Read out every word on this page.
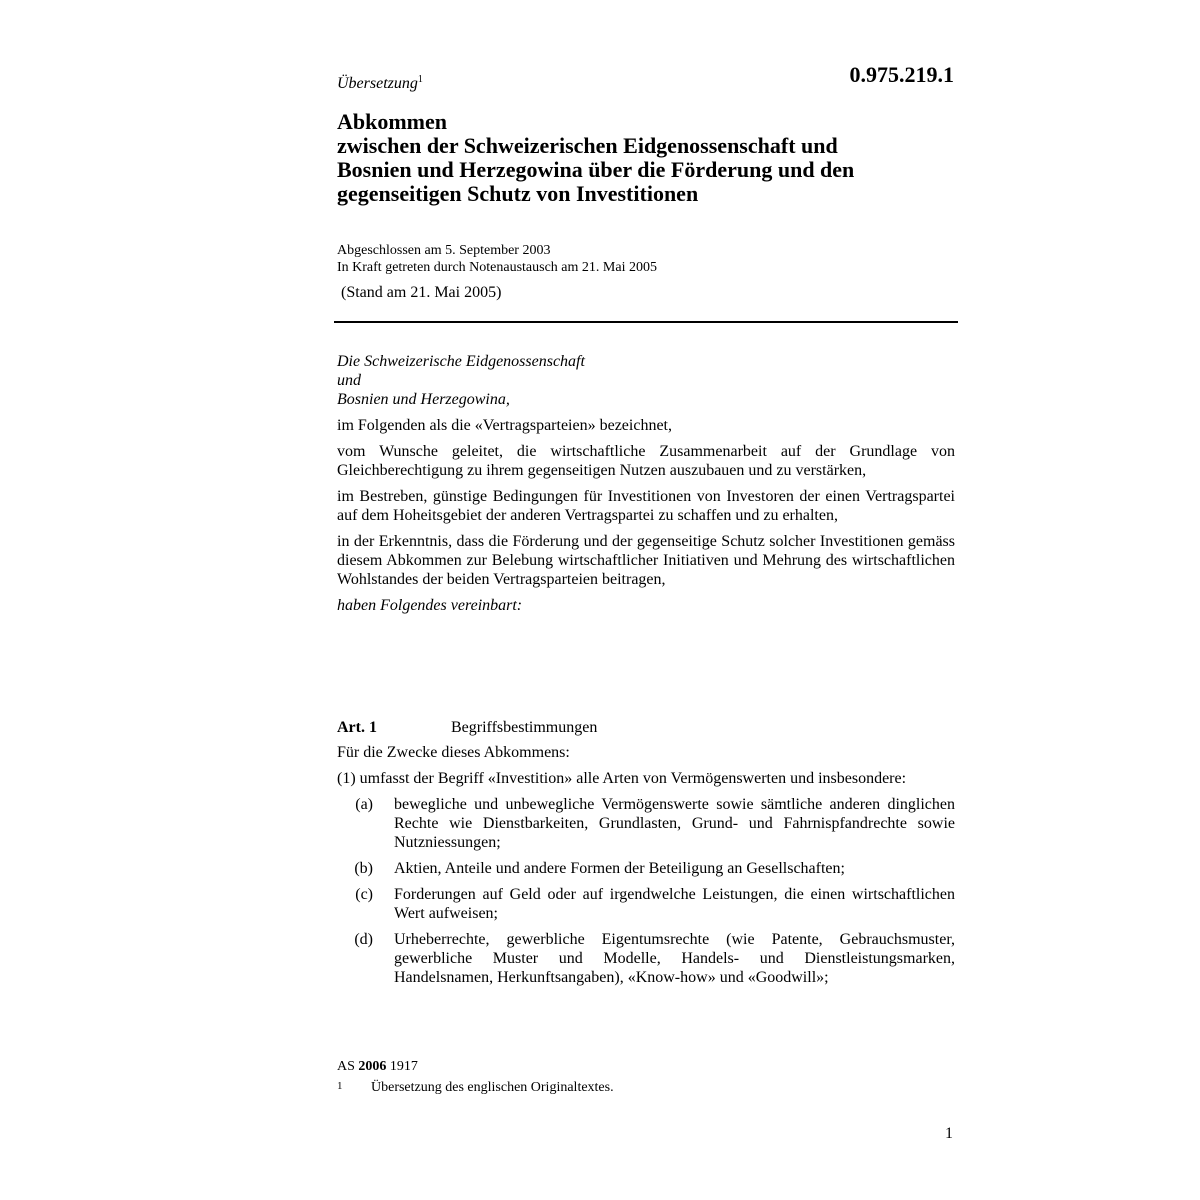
Übersetzung$^1$	0.975.219.1
Abkommen
zwischen der Schweizerischen Eidgenossenschaft und
Bosnien und Herzegowina über die Förderung und den
gegenseitigen Schutz von Investitionen
Abgeschlossen am 5. September 2003
In Kraft getreten durch Notenaustausch am 21. Mai 2005
(Stand am 21. Mai 2005)
Die Schweizerische Eidgenossenschaft
und
Bosnien und Herzegowina,
im Folgenden als die «Vertragsparteien» bezeichnet,
vom Wunsche geleitet, die wirtschaftliche Zusammenarbeit auf der Grundlage von Gleichberechtigung zu ihrem gegenseitigen Nutzen auszubauen und zu verstärken,
im Bestreben, günstige Bedingungen für Investitionen von Investoren der einen Vertragspartei auf dem Hoheitsgebiet der anderen Vertragspartei zu schaffen und zu erhalten,
in der Erkenntnis, dass die Förderung und der gegenseitige Schutz solcher Investitionen gemäss diesem Abkommen zur Belebung wirtschaftlicher Initiativen und Mehrung des wirtschaftlichen Wohlstandes der beiden Vertragsparteien beitragen,
haben Folgendes vereinbart:
Art. 1	Begriffsbestimmungen
Für die Zwecke dieses Abkommens:
(1) umfasst der Begriff «Investition» alle Arten von Vermögenswerten und insbesondere:
(a)	bewegliche und unbewegliche Vermögenswerte sowie sämtliche anderen dinglichen Rechte wie Dienstbarkeiten, Grundlasten, Grund- und Fahrnispfandrechte sowie Nutzniessungen;
(b)	Aktien, Anteile und andere Formen der Beteiligung an Gesellschaften;
(c)	Forderungen auf Geld oder auf irgendwelche Leistungen, die einen wirtschaftlichen Wert aufweisen;
(d)	Urheberrechte, gewerbliche Eigentumsrechte (wie Patente, Gebrauchsmuster, gewerbliche Muster und Modelle, Handels- und Dienstleistungsmarken, Handelsnamen, Herkunftsangaben), «Know-how» und «Goodwill»;
AS 2006 1917
1	Übersetzung des englischen Originaltextes.
1
